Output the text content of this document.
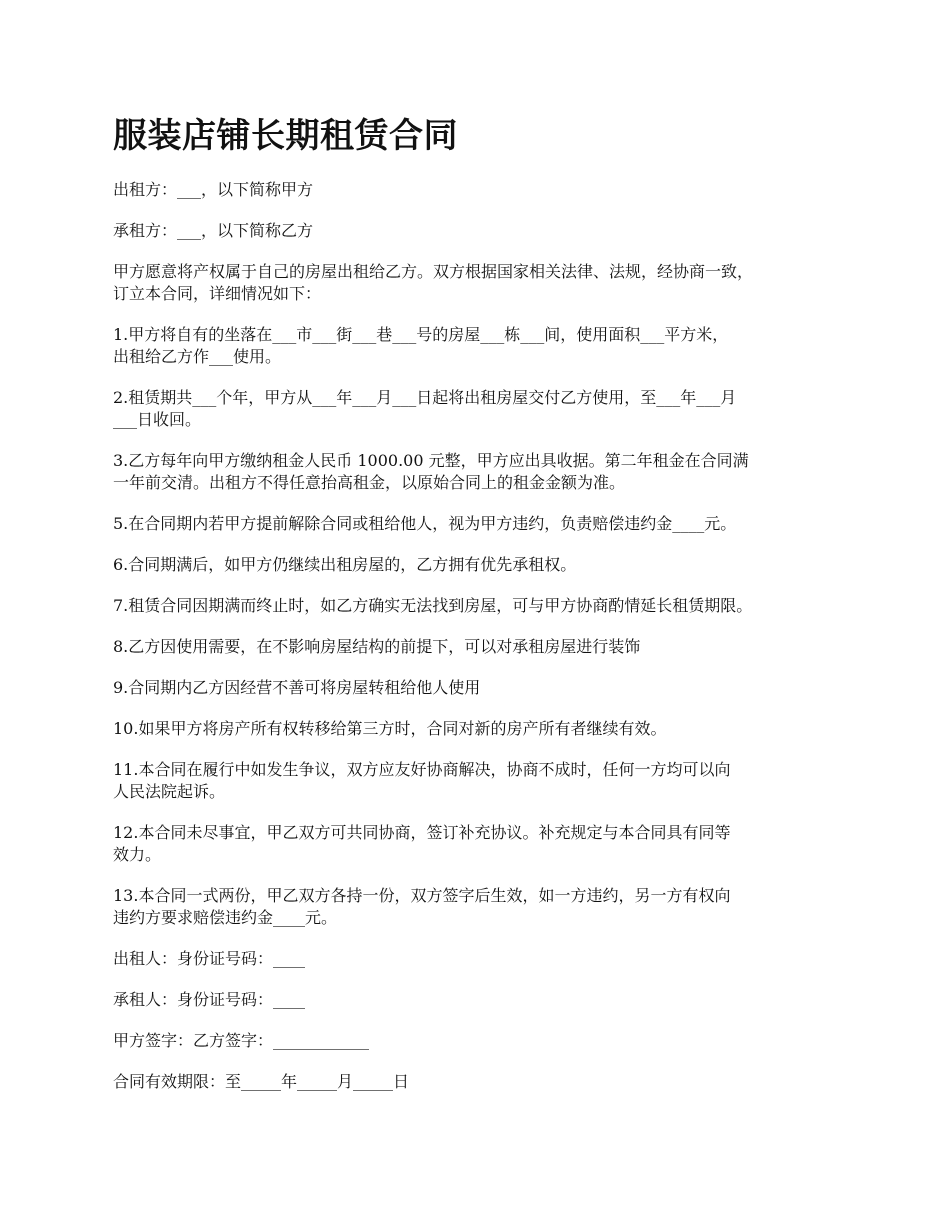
服装店铺长期租赁合同

出租方：___，以下简称甲方

承租方：___，以下简称乙方

甲方愿意将产权属于自己的房屋出租给乙方。双方根据国家相关法律、法规，经协商一致，
订立本合同，详细情况如下：

1.甲方将自有的坐落在___市___街___巷___号的房屋___栋___间，使用面积___平方米，
出租给乙方作___使用。

2.租赁期共___个年，甲方从___年___月___日起将出租房屋交付乙方使用，至___年___月
___日收回。

3.乙方每年向甲方缴纳租金人民币 1000.00 元整，甲方应出具收据。第二年租金在合同满
一年前交清。出租方不得任意抬高租金，以原始合同上的租金金额为准。

5.在合同期内若甲方提前解除合同或租给他人，视为甲方违约，负责赔偿违约金____元。

6.合同期满后，如甲方仍继续出租房屋的，乙方拥有优先承租权。

7.租赁合同因期满而终止时，如乙方确实无法找到房屋，可与甲方协商酌情延长租赁期限。

8.乙方因使用需要，在不影响房屋结构的前提下，可以对承租房屋进行装饰

9.合同期内乙方因经营不善可将房屋转租给他人使用

10.如果甲方将房产所有权转移给第三方时，合同对新的房产所有者继续有效。

11.本合同在履行中如发生争议，双方应友好协商解决，协商不成时，任何一方均可以向
人民法院起诉。

12.本合同未尽事宜，甲乙双方可共同协商，签订补充协议。补充规定与本合同具有同等
效力。

13.本合同一式两份，甲乙双方各持一份，双方签字后生效，如一方违约，另一方有权向
违约方要求赔偿违约金____元。

出租人：身份证号码：____

承租人：身份证号码：____

甲方签字：乙方签字：____________

合同有效期限：至_____年_____月_____日
